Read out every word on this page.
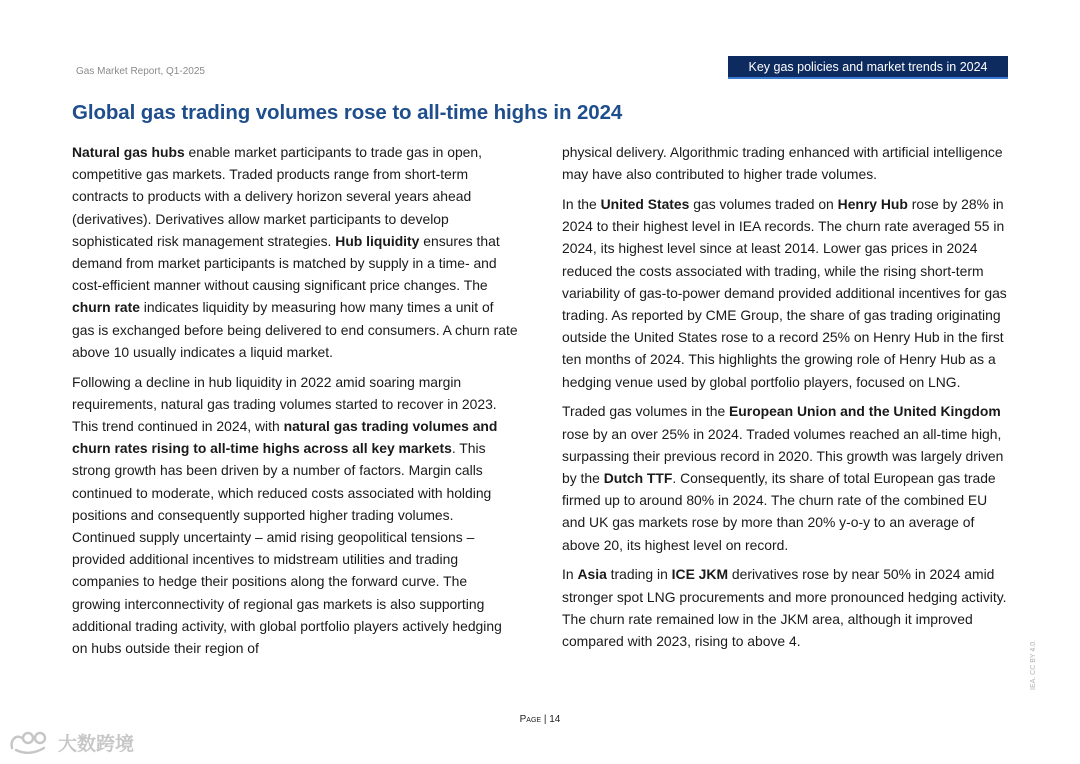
Gas Market Report, Q1-2025	Key gas policies and market trends in 2024
Global gas trading volumes rose to all-time highs in 2024

Natural gas hubs enable market participants to trade gas in open, competitive gas markets. Traded products range from short-term contracts to products with a delivery horizon several years ahead (derivatives). Derivatives allow market participants to develop sophisticated risk management strategies. Hub liquidity ensures that demand from market participants is matched by supply in a time- and cost-efficient manner without causing significant price changes. The churn rate indicates liquidity by measuring how many times a unit of gas is exchanged before being delivered to end consumers. A churn rate above 10 usually indicates a liquid market.

Following a decline in hub liquidity in 2022 amid soaring margin requirements, natural gas trading volumes started to recover in 2023. This trend continued in 2024, with natural gas trading volumes and churn rates rising to all-time highs across all key markets. This strong growth has been driven by a number of factors. Margin calls continued to moderate, which reduced costs associated with holding positions and consequently supported higher trading volumes. Continued supply uncertainty – amid rising geopolitical tensions – provided additional incentives to midstream utilities and trading companies to hedge their positions along the forward curve. The growing interconnectivity of regional gas markets is also supporting additional trading activity, with global portfolio players actively hedging on hubs outside their region of

physical delivery. Algorithmic trading enhanced with artificial intelligence may have also contributed to higher trade volumes.

In the United States gas volumes traded on Henry Hub rose by 28% in 2024 to their highest level in IEA records. The churn rate averaged 55 in 2024, its highest level since at least 2014. Lower gas prices in 2024 reduced the costs associated with trading, while the rising short-term variability of gas-to-power demand provided additional incentives for gas trading. As reported by CME Group, the share of gas trading originating outside the United States rose to a record 25% on Henry Hub in the first ten months of 2024. This highlights the growing role of Henry Hub as a hedging venue used by global portfolio players, focused on LNG.

Traded gas volumes in the European Union and the United Kingdom rose by an over 25% in 2024. Traded volumes reached an all-time high, surpassing their previous record in 2020. This growth was largely driven by the Dutch TTF. Consequently, its share of total European gas trade firmed up to around 80% in 2024. The churn rate of the combined EU and UK gas markets rose by more than 20% y-o-y to an average of above 20, its highest level on record.

In Asia trading in ICE JKM derivatives rose by near 50% in 2024 amid stronger spot LNG procurements and more pronounced hedging activity. The churn rate remained low in the JKM area, although it improved compared with 2023, rising to above 4.

Page | 14
IEA. CC BY 4.0.
大数跨境
